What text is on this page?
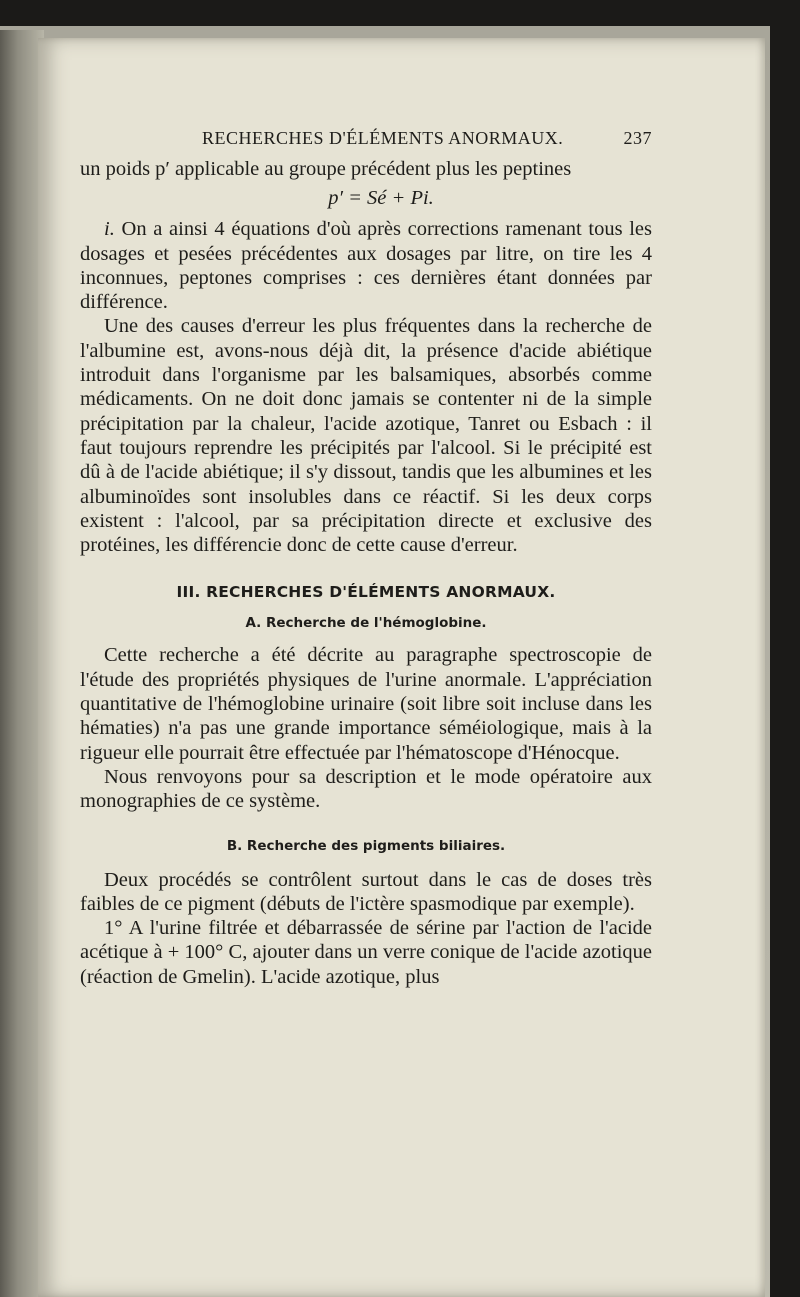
RECHERCHES D'ÉLÉMENTS ANORMAUX.	237

un poids p′ applicable au groupe précédent plus les peptines

p′ = Sé + Pi.

i. On a ainsi 4 équations d'où après corrections ramenant tous les dosages et pesées précédentes aux dosages par litre, on tire les 4 inconnues, peptones comprises : ces dernières étant données par différence.

Une des causes d'erreur les plus fréquentes dans la recherche de l'albumine est, avons-nous déjà dit, la présence d'acide abiétique introduit dans l'organisme par les balsamiques, absorbés comme médicaments. On ne doit donc jamais se contenter ni de la simple précipitation par la chaleur, l'acide azotique, Tanret ou Esbach : il faut toujours reprendre les précipités par l'alcool. Si le précipité est dû à de l'acide abiétique; il s'y dissout, tandis que les albumines et les albuminoïdes sont insolubles dans ce réactif. Si les deux corps existent : l'alcool, par sa précipitation directe et exclusive des protéines, les différencie donc de cette cause d'erreur.

III. RECHERCHES D'ÉLÉMENTS ANORMAUX.
A. Recherche de l'hémoglobine.

Cette recherche a été décrite au paragraphe spectroscopie de l'étude des propriétés physiques de l'urine anormale. L'appréciation quantitative de l'hémoglobine urinaire (soit libre soit incluse dans les hématies) n'a pas une grande importance séméiologique, mais à la rigueur elle pourrait être effectuée par l'hématoscope d'Hénocque.

Nous renvoyons pour sa description et le mode opératoire aux monographies de ce système.

B. Recherche des pigments biliaires.

Deux procédés se contrôlent surtout dans le cas de doses très faibles de ce pigment (débuts de l'ictère spasmodique par exemple).

1° A l'urine filtrée et débarrassée de sérine par l'action de l'acide acétique à + 100° C, ajouter dans un verre conique de l'acide azotique (réaction de Gmelin). L'acide azotique, plus
